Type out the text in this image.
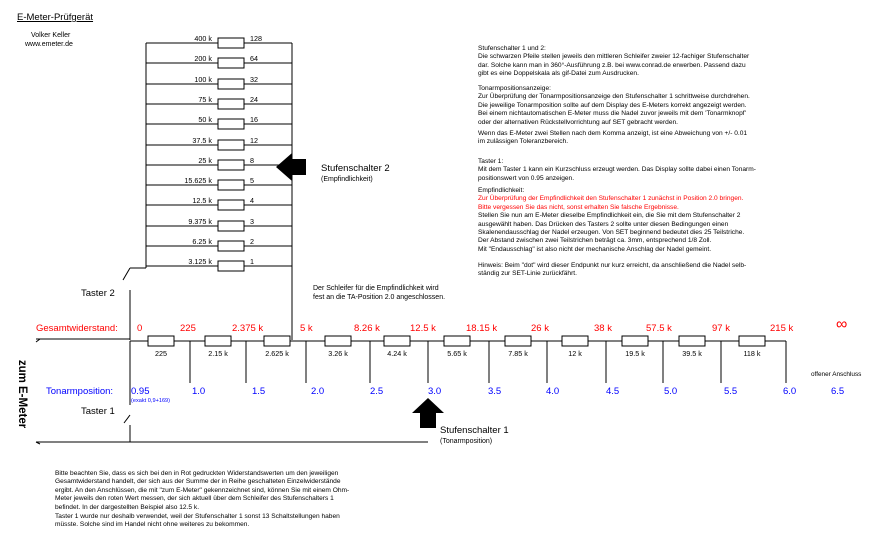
E-Meter-Prüfgerät
Volker Keller
www.emeter.de
400 k	128
200 k	64
100 k	32
75 k	24
50 k	16
37.5 k	12
25 k	8
15.625 k	5
12.5 k	4
9.375 k	3
6.25 k	2
3.125 k	1
Stufenschalter 2
(Empfindlichkeit)
Taster 2
Taster 1
Der Schleifer für die Empfindlichkeit wird
fest an die TA-Position 2.0 angeschlossen.
Gesamtwiderstand: 0	225	2.375 k	5 k	8.26 k	12.5 k	18.15 k	26 k	38 k	57.5 k	97 k	215 k	∞
225	2.15 k	2.625 k	3.26 k	4.24 k	5.65 k	7.85 k	12 k	19.5 k	39.5 k	118 k
zum E-Meter Tonarmposition: 0.95	1.0	1.5	2.0	2.5	3.0	3.5	4.0	4.5	5.0	5.5	6.0	6.5
(exakt 0,9+169)
offener Anschluss
Stufenschalter 1
(Tonarmposition)
Stufenschalter 1 und 2:
Die schwarzen Pfeile stellen jeweils den mittleren Schleifer zweier 12-fachiger Stufenschalter
dar. Solche kann man in 360°-Ausführung z.B. bei www.conrad.de erwerben. Passend dazu
gibt es eine Doppelskala als gif-Datei zum Ausdrucken.
Tonarmpositionsanzeige:
Zur Überprüfung der Tonarmpositionsanzeige den Stufenschalter 1 schrittweise durchdrehen.
Die jeweilige Tonarmposition sollte auf dem Display des E-Meters korrekt angezeigt werden.
Bei einem nichtautomatischen E-Meter muss die Nadel zuvor jeweils mit dem 'Tonarmknopf'
oder der alternativen Rückstellvorrichtung auf SET gebracht werden.
Wenn das E-Meter zwei Stellen nach dem Komma anzeigt, ist eine Abweichung von +/- 0.01
im zulässigen Toleranzbereich.
Taster 1:
Mit dem Taster 1 kann ein Kurzschluss erzeugt werden. Das Display sollte dabei einen Tonarm-
positionswert von 0.95 anzeigen.
Empfindlichkeit:
Zur Überprüfung der Empfindlichkeit den Stufenschalter 1 zunächst in Position 2.0 bringen.
Bitte vergessen Sie das nicht, sonst erhalten Sie falsche Ergebnisse.
Stellen Sie nun am E-Meter dieselbe Empfindlichkeit ein, die Sie mit dem Stufenschalter 2
ausgewählt haben. Das Drücken des Tasters 2 sollte unter diesen Bedingungen einen
Skalenendausschlag der Nadel erzeugen. Von SET beginnend bedeutet dies 25 Teilstriche.
Der Abstand zwischen zwei Teilstrichen beträgt ca. 3mm, entsprechend 1/8 Zoll.
Mit "Endausschlag" ist also nicht der mechanische Anschlag der Nadel gemeint.
Hinweis: Beim "dot" wird dieser Endpunkt nur kurz erreicht, da anschließend die Nadel selb-
ständig zur SET-Linie zurückfährt.
Bitte beachten Sie, dass es sich bei den in Rot gedruckten Widerstandswerten um den jeweiligen
Gesamtwiderstand handelt, der sich aus der Summe der in Reihe geschalteten Einzelwiderstände
ergibt. An den Anschlüssen, die mit "zum E-Meter" gekennzeichnet sind, können Sie mit einem Ohm-
Meter jeweils den roten Wert messen, der sich aktuell über dem Schleifer des Stufenschalters 1
befindet. In der dargestellten Beispiel also 12.5 k.
Taster 1 wurde nur deshalb verwendet, weil der Stufenschalter 1 sonst 13 Schaltstellungen haben
müsste. Solche sind im Handel nicht ohne weiteres zu bekommen.
